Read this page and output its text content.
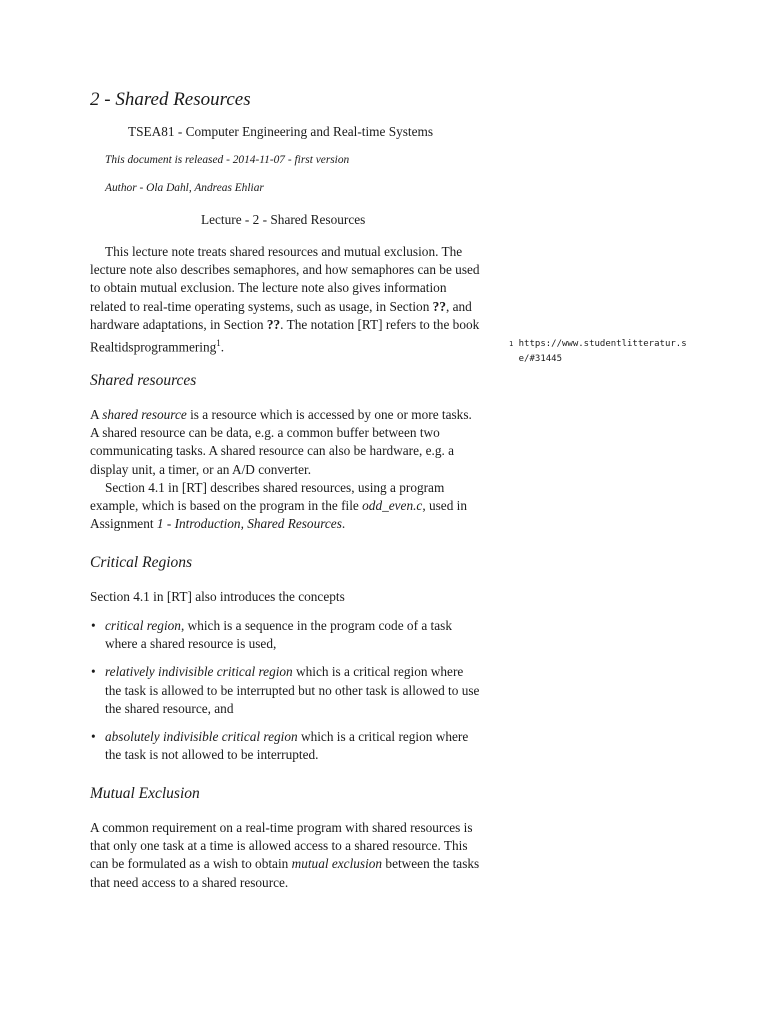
2 - Shared Resources
TSEA81 - Computer Engineering and Real-time Systems
This document is released - 2014-11-07 - first version
Author - Ola Dahl, Andreas Ehliar
Lecture - 2 - Shared Resources

This lecture note treats shared resources and mutual exclusion. The lecture note also describes semaphores, and how semaphores can be used to obtain mutual exclusion. The lecture note also gives information related to real-time operating systems, such as usage, in Section ??, and hardware adaptations, in Section ??. The notation [RT] refers to the book Realtidsprogrammering$^1$.	$^1$ https://www.studentlitteratur.se/#31445
Shared resources

A shared resource is a resource which is accessed by one or more tasks. A shared resource can be data, e.g. a common buffer between two communicating tasks. A shared resource can also be hardware, e.g. a display unit, a timer, or an A/D converter.

Section 4.1 in [RT] describes shared resources, using a program example, which is based on the program in the file odd_even.c, used in Assignment 1 - Introduction, Shared Resources.

Critical Regions

Section 4.1 in [RT] also introduces the concepts

• critical region, which is a sequence in the program code of a task where a shared resource is used,
• relatively indivisible critical region which is a critical region where the task is allowed to be interrupted but no other task is allowed to use the shared resource, and
• absolutely indivisible critical region which is a critical region where the task is not allowed to be interrupted.
Mutual Exclusion

A common requirement on a real-time program with shared resources is that only one task at a time is allowed access to a shared resource. This can be formulated as a wish to obtain mutual exclusion between the tasks that need access to a shared resource.
